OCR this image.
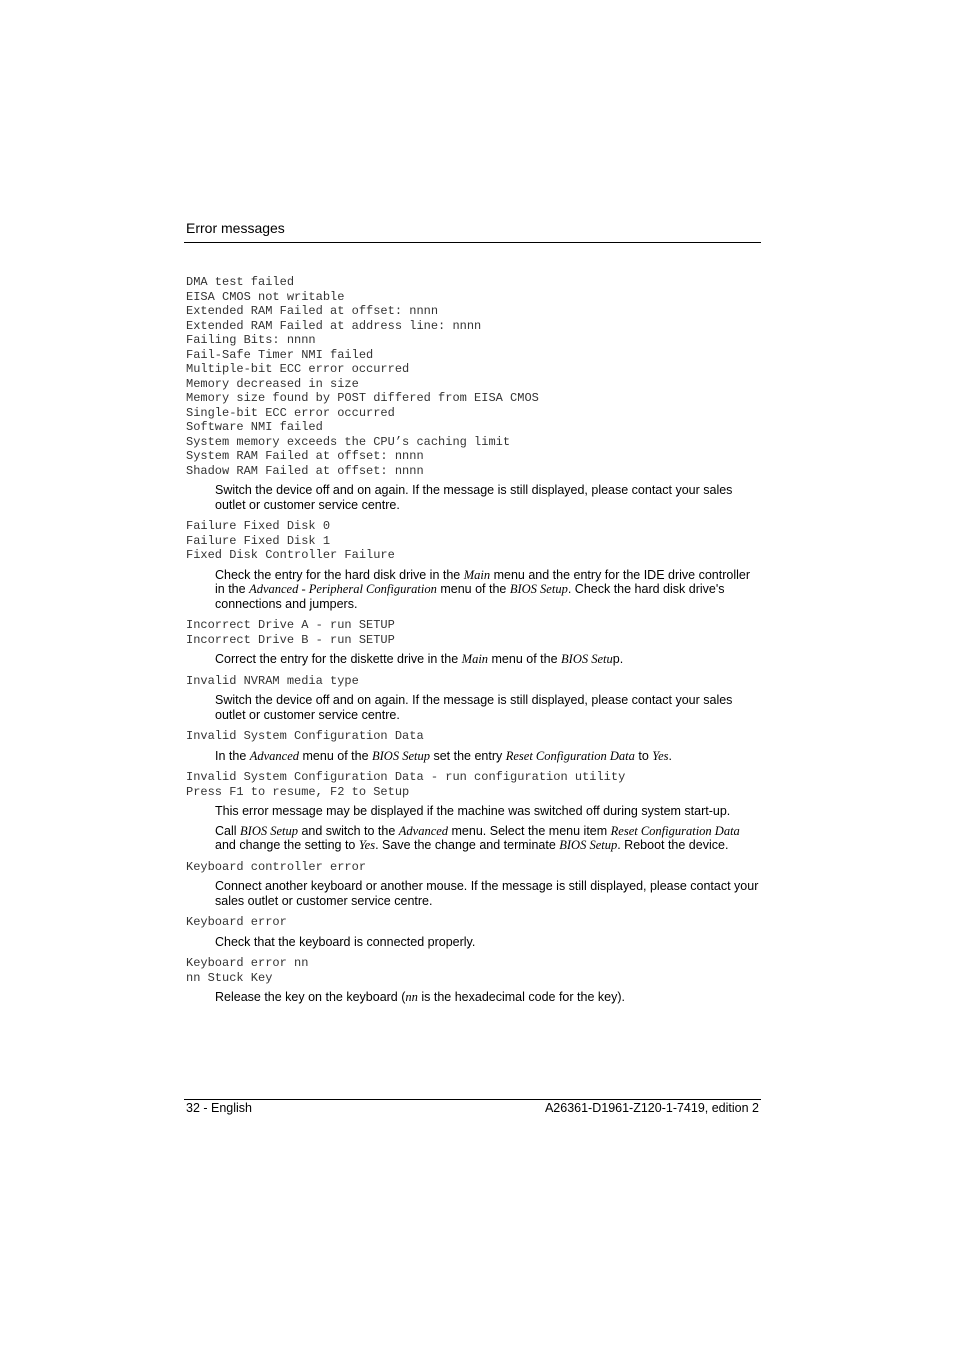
Error messages
DMA test failed
EISA CMOS not writable
Extended RAM Failed at offset: nnnn
Extended RAM Failed at address line: nnnn
Failing Bits: nnnn
Fail-Safe Timer NMI failed
Multiple-bit ECC error occurred
Memory decreased in size
Memory size found by POST differed from EISA CMOS
Single-bit ECC error occurred
Software NMI failed
System memory exceeds the CPU’s caching limit
System RAM Failed at offset: nnnn
Shadow RAM Failed at offset: nnnn

Switch the device off and on again. If the message is still displayed, please contact your sales outlet or customer service centre.

Failure Fixed Disk 0
Failure Fixed Disk 1
Fixed Disk Controller Failure

Check the entry for the hard disk drive in the Main menu and the entry for the IDE drive controller in the Advanced - Peripheral Configuration menu of the BIOS Setup. Check the hard disk drive's connections and jumpers.

Incorrect Drive A - run SETUP
Incorrect Drive B - run SETUP

Correct the entry for the diskette drive in the Main menu of the BIOS Setup.

Invalid NVRAM media type

Switch the device off and on again. If the message is still displayed, please contact your sales outlet or customer service centre.

Invalid System Configuration Data

In the Advanced menu of the BIOS Setup set the entry Reset Configuration Data to Yes.

Invalid System Configuration Data - run configuration utility
Press F1 to resume, F2 to Setup

This error message may be displayed if the machine was switched off during system start-up.

Call BIOS Setup and switch to the Advanced menu. Select the menu item Reset Configuration Data and change the setting to Yes. Save the change and terminate BIOS Setup. Reboot the device.

Keyboard controller error

Connect another keyboard or another mouse. If the message is still displayed, please contact your sales outlet or customer service centre.

Keyboard error

Check that the keyboard is connected properly.

Keyboard error nn
nn Stuck Key

Release the key on the keyboard (nn is the hexadecimal code for the key).

32 - English	A26361-D1961-Z120-1-7419, edition 2
